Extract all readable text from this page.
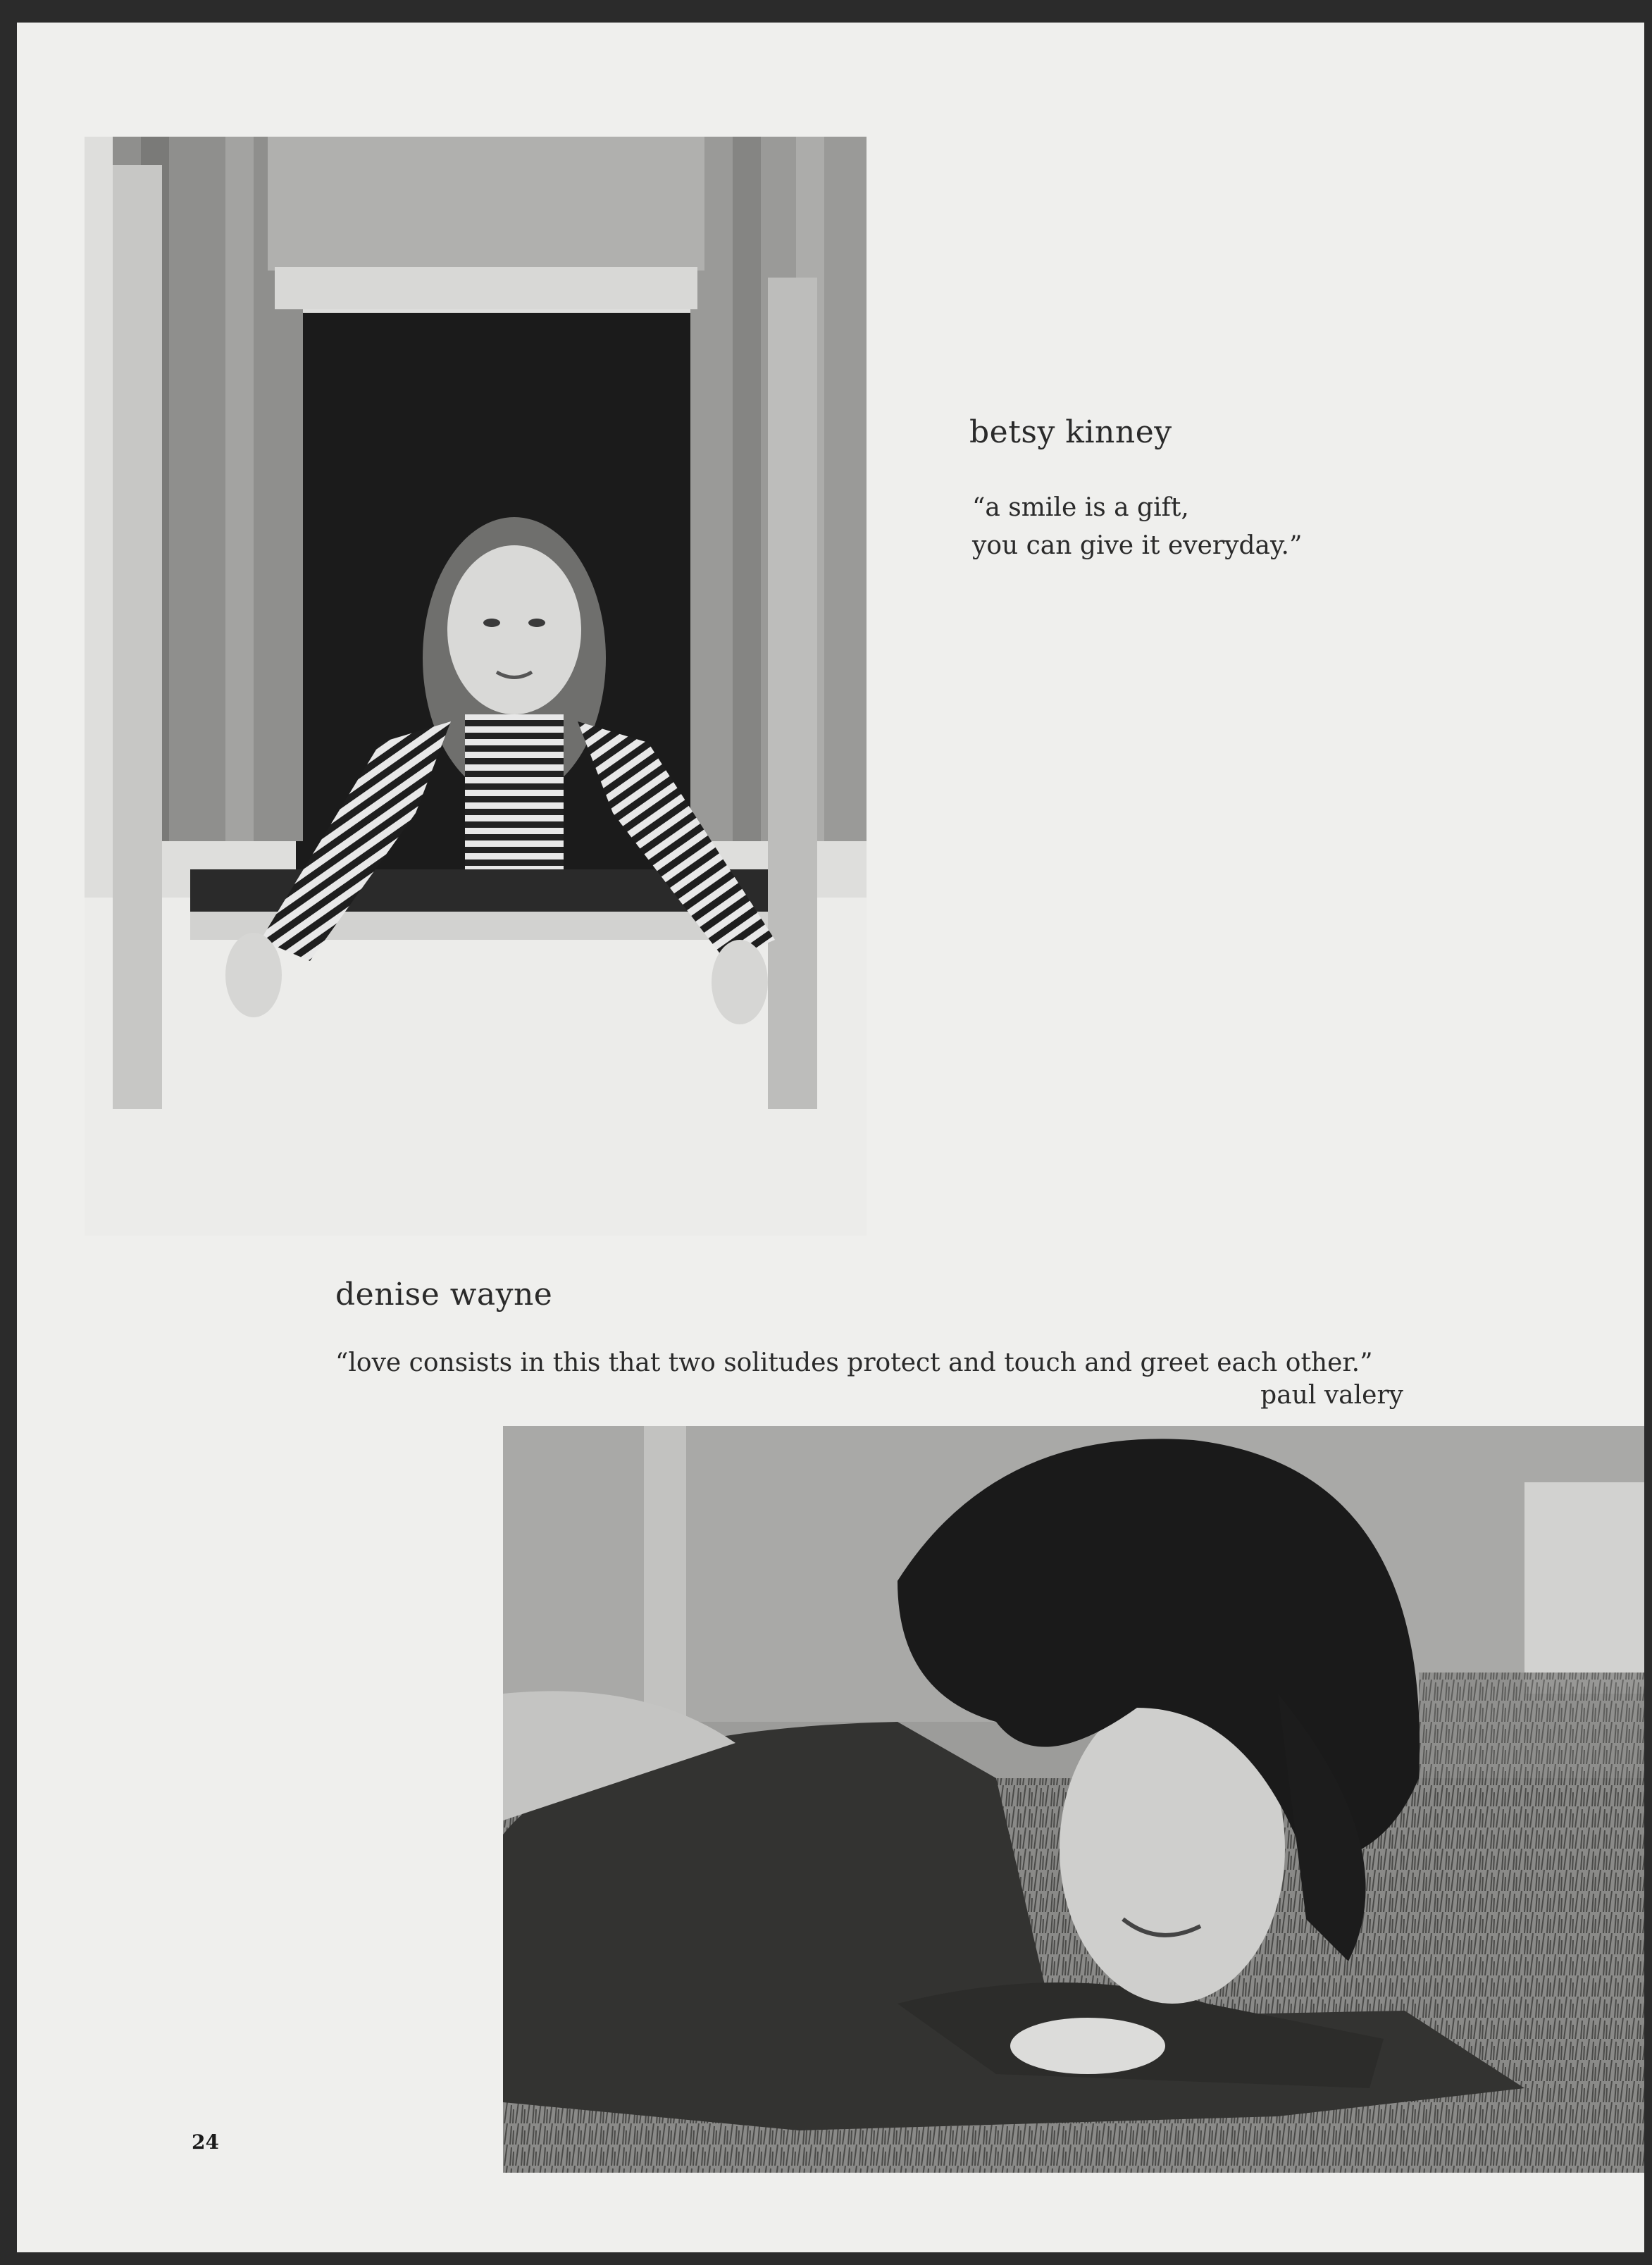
betsy kinney
“a smile is a gift,
you can give it everyday.”
denise wayne
“love consists in this that two solitudes protect and touch and greet each other.”
paul valery
24
